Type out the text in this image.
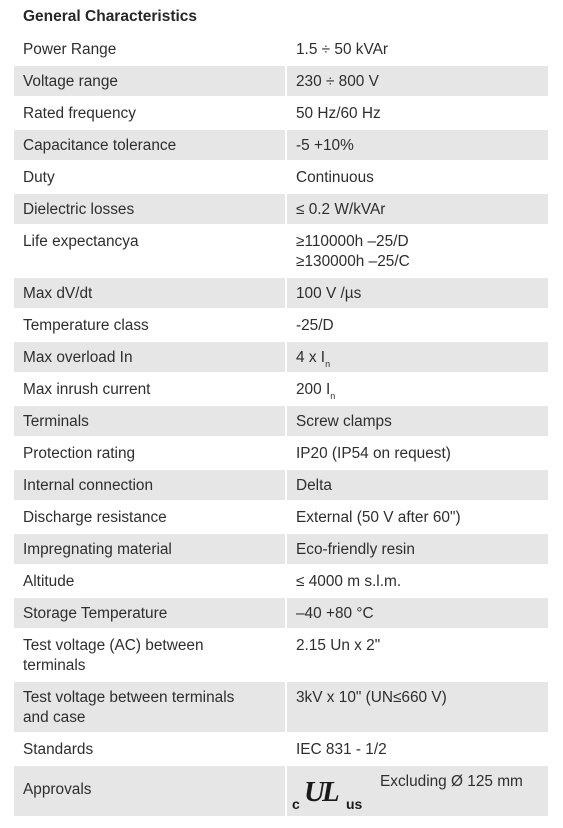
General Characteristics
Power Range	1.5 ÷ 50 kVAr
Voltage range	230 ÷ 800 V
Rated frequency	50 Hz/60 Hz
Capacitance tolerance	-5 +10%
Duty	Continuous
Dielectric losses	≤ 0.2 W/kVAr
Life expectancya	≥110000h –25/D
≥130000h –25/C

Max dV/dt	100 V /µs
Temperature class	-25/D
Max overload In	4 x $I_n$
Max inrush current	200 $I_n$
Terminals	Screw clamps
Protection rating	IP20 (IP54 on request)
Internal connection	Delta
Discharge resistance	External (50 V after 60")
Impregnating material	Eco-friendly resin
Altitude	≤ 4000 m s.l.m.
Storage Temperature	–40 +80 °C

Test voltage (AC) between
terminals	2.15 Un x 2"

Test voltage between terminals
and case	3kV x 10" (UN≤660 V)
Standards	IEC 831 - 1/2

Approvals	c UL us
Excluding Ø 125 mm
